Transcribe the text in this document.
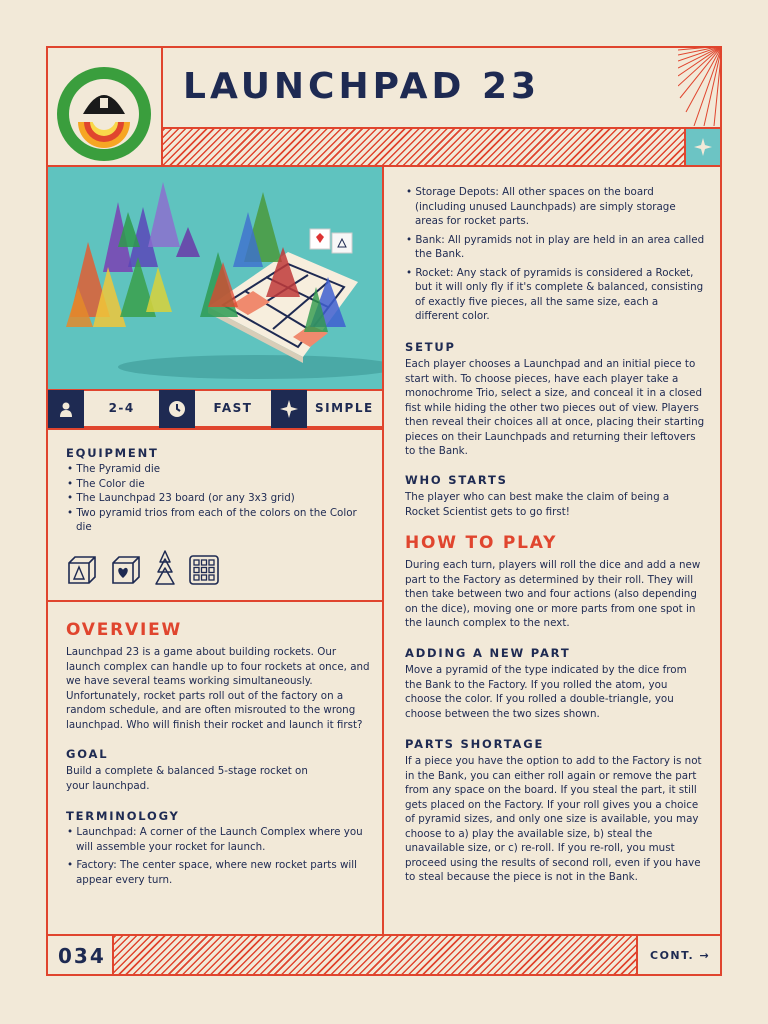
LAUNCHPAD 23
2-4	FAST	SIMPLE
EQUIPMENT
• The Pyramid die
• The Color die
• The Launchpad 23 board (or any 3x3 grid)
• Two pyramid trios from each of the colors on the Color die
OVERVIEW
Launchpad 23 is a game about building rockets. Our launch complex can handle up to four rockets at once, and we have several teams working simultaneously. Unfortunately, rocket parts roll out of the factory on a random schedule, and are often misrouted to the wrong launchpad. Who will finish their rocket and launch it first?
GOAL
Build a complete & balanced 5-stage rocket on your launchpad.
TERMINOLOGY
• Launchpad: A corner of the Launch Complex where you will assemble your rocket for launch.
• Factory: The center space, where new rocket parts will appear every turn.
• Storage Depots: All other spaces on the board (including unused Launchpads) are simply storage areas for rocket parts.
• Bank: All pyramids not in play are held in an area called the Bank.
• Rocket: Any stack of pyramids is considered a Rocket, but it will only fly if it's complete & balanced, consisting of exactly five pieces, all the same size, each a different color.
SETUP
Each player chooses a Launchpad and an initial piece to start with. To choose pieces, have each player take a monochrome Trio, select a size, and conceal it in a closed fist while hiding the other two pieces out of view. Players then reveal their choices all at once, placing their starting pieces on their Launchpads and returning their leftovers to the Bank.
WHO STARTS
The player who can best make the claim of being a Rocket Scientist gets to go first!
HOW TO PLAY
During each turn, players will roll the dice and add a new part to the Factory as determined by their roll. They will then take between two and four actions (also depending on the dice), moving one or more parts from one spot in the launch complex to the next.
ADDING A NEW PART
Move a pyramid of the type indicated by the dice from the Bank to the Factory. If you rolled the atom, you choose the color. If you rolled a double-triangle, you choose between the two sizes shown.
PARTS SHORTAGE
If a piece you have the option to add to the Factory is not in the Bank, you can either roll again or remove the part from any space on the board. If you steal the part, it still gets placed on the Factory. If your roll gives you a choice of pyramid sizes, and only one size is available, you may choose to a) play the available size, b) steal the unavailable size, or c) re-roll. If you re-roll, you must proceed using the results of second roll, even if you have to steal because the piece is not in the Bank.
034	CONT. →
